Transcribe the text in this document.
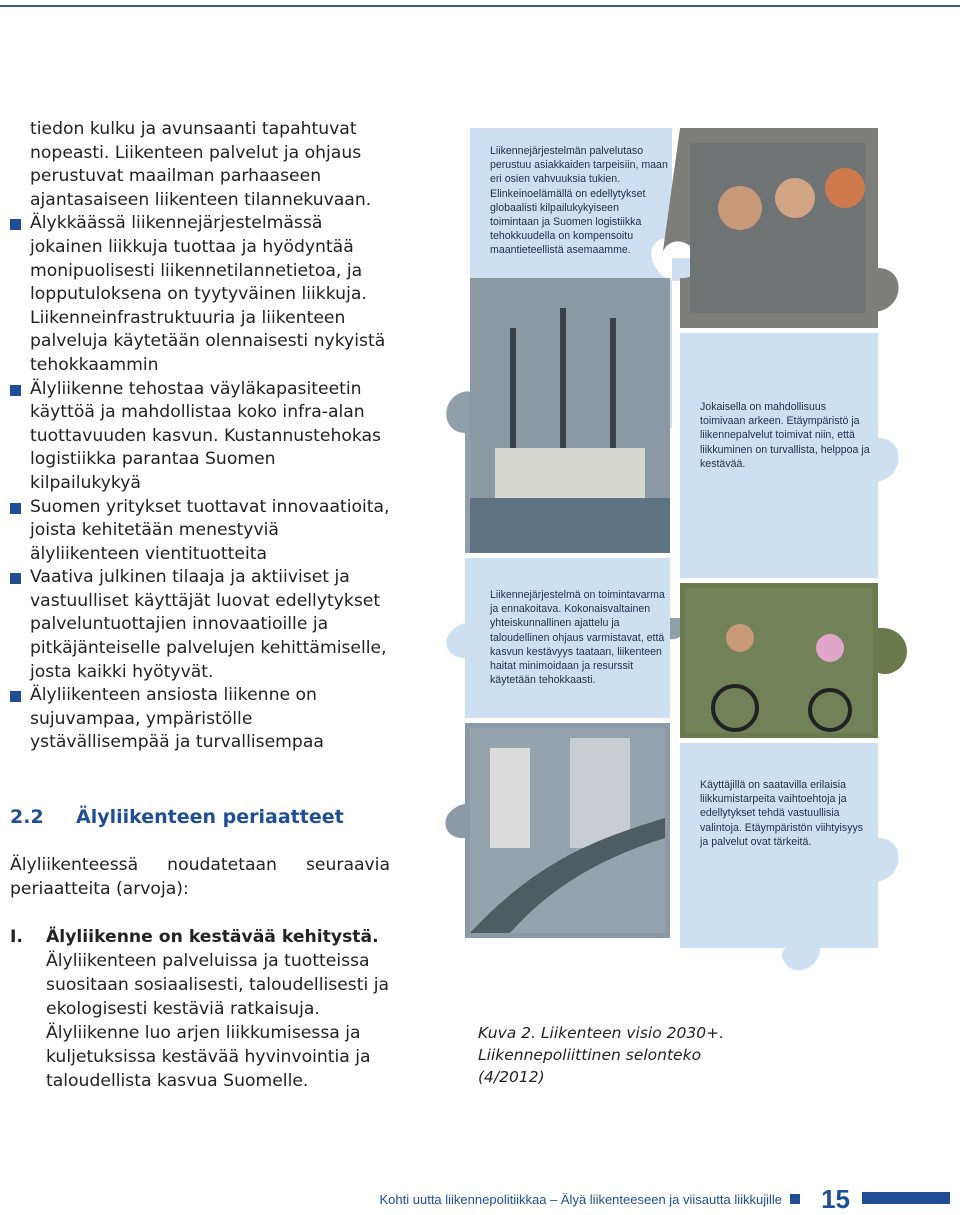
tiedon kulku ja avunsaanti tapahtuvat nopeasti. Liikenteen palvelut ja ohjaus perustuvat maailman parhaaseen ajantasaiseen liikenteen tilannekuvaan.

Älykkäässä liikennejärjestelmässä jokainen liikkuja tuottaa ja hyödyntää monipuolisesti liikennetilannetietoa, ja lopputuloksena on tyytyväinen liikkuja. Liikenneinfrastruktuuria ja liikenteen palveluja käytetään olennaisesti nykyistä tehokkaammin

Älyliikenne tehostaa väyläkapasiteetin käyttöä ja mahdollistaa koko infra-alan tuottavuuden kasvun. Kustannustehokas logistiikka parantaa Suomen kilpailukykyä

Suomen yritykset tuottavat innovaatioita, joista kehitetään menestyviä älyliikenteen vientituotteita

Vaativa julkinen tilaaja ja aktiiviset ja vastuulliset käyttäjät luovat edellytykset palveluntuottajien innovaatioille ja pitkäjänteiselle palvelujen kehittämiselle, josta kaikki hyötyvät.

Älyliikenteen ansiosta liikenne on sujuvampaa, ympäristölle ystävällisempää ja turvallisempaa

2.2 Älyliikenteen periaatteet
Älyliikenteessä noudatetaan seuraavia periaatteita (arvoja):
I.	Älyliikenne on kestävää kehitystä.
Älyliikenteen palveluissa ja tuotteissa suositaan sosiaalisesti, taloudellisesti ja ekologisesti kestäviä ratkaisuja. Älyliikenne luo arjen liikkumisessa ja kuljetuksissa kestävää hyvinvointia ja taloudellista kasvua Suomelle.
Liikennejärjestelmän palvelutaso perustuu asiakkaiden tarpeisiin, maan eri osien vahvuuksia tukien. Elinkeinoelämällä on edellytykset globaalisti kilpailukykyiseen toimintaan ja Suomen logistiikka tehokkuudella on kompensoitu maantieteellistä asemaamme.
Jokaisella on mahdollisuus toimivaan arkeen. Etäympäristö ja liikennepalvelut toimivat niin, että liikkuminen on turvallista, helppoa ja kestävää.
Liikennejärjestelmä on toimintavarma ja ennakoitava. Kokonaisvaltainen yhteiskunnallinen ajattelu ja taloudellinen ohjaus varmistavat, että kasvun kestävyys taataan, liikenteen haitat minimoidaan ja resurssit käytetään tehokkaasti.
Käyttäjillä on saatavilla erilaisia liikkumistarpeita vaihtoehtoja ja edellytykset tehdä vastuullisia valintoja. Etäympäristön viihtyisyys ja palvelut ovat tärkeitä.
Kuva 2. Liikenteen visio 2030+. Liikennepoliittinen selonteko (4/2012)
Kohti uutta liikennepolitiikkaa – Älyä liikenteeseen ja viisautta liikkujille 15
